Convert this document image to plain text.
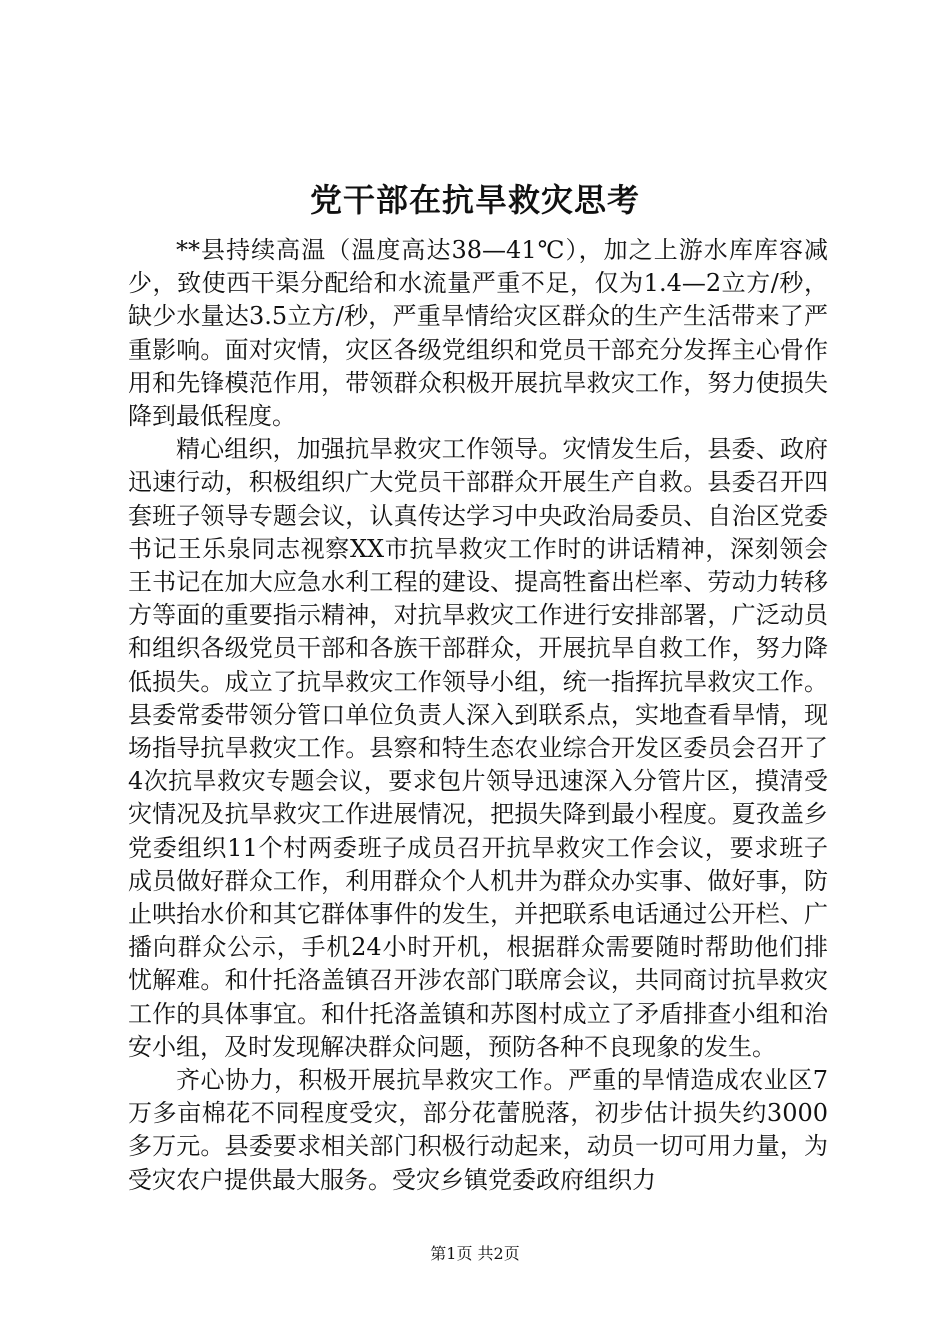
党干部在抗旱救灾思考

**县持续高温（温度高达38—41℃），加之上游水库库容减少，致使西干渠分配给和水流量严重不足，仅为1.4—2立方/秒，缺少水量达3.5立方/秒，严重旱情给灾区群众的生产生活带来了严重影响。面对灾情，灾区各级党组织和党员干部充分发挥主心骨作用和先锋模范作用，带领群众积极开展抗旱救灾工作，努力使损失降到最低程度。

精心组织，加强抗旱救灾工作领导。灾情发生后，县委、政府迅速行动，积极组织广大党员干部群众开展生产自救。县委召开四套班子领导专题会议，认真传达学习中央政治局委员、自治区党委书记王乐泉同志视察XX市抗旱救灾工作时的讲话精神，深刻领会王书记在加大应急水利工程的建设、提高牲畜出栏率、劳动力转移方等面的重要指示精神，对抗旱救灾工作进行安排部署，广泛动员和组织各级党员干部和各族干部群众，开展抗旱自救工作，努力降低损失。成立了抗旱救灾工作领导小组，统一指挥抗旱救灾工作。县委常委带领分管口单位负责人深入到联系点，实地查看旱情，现场指导抗旱救灾工作。县察和特生态农业综合开发区委员会召开了4次抗旱救灾专题会议，要求包片领导迅速深入分管片区，摸清受灾情况及抗旱救灾工作进展情况，把损失降到最小程度。夏孜盖乡党委组织11个村两委班子成员召开抗旱救灾工作会议，要求班子成员做好群众工作，利用群众个人机井为群众办实事、做好事，防止哄抬水价和其它群体事件的发生，并把联系电话通过公开栏、广播向群众公示，手机24小时开机，根据群众需要随时帮助他们排忧解难。和什托洛盖镇召开涉农部门联席会议，共同商讨抗旱救灾工作的具体事宜。和什托洛盖镇和苏图村成立了矛盾排查小组和治安小组，及时发现解决群众问题，预防各种不良现象的发生。

齐心协力，积极开展抗旱救灾工作。严重的旱情造成农业区7万多亩棉花不同程度受灾，部分花蕾脱落，初步估计损失约3000多万元。县委要求相关部门积极行动起来，动员一切可用力量，为受灾农户提供最大服务。受灾乡镇党委政府组织力

第1页 共2页
